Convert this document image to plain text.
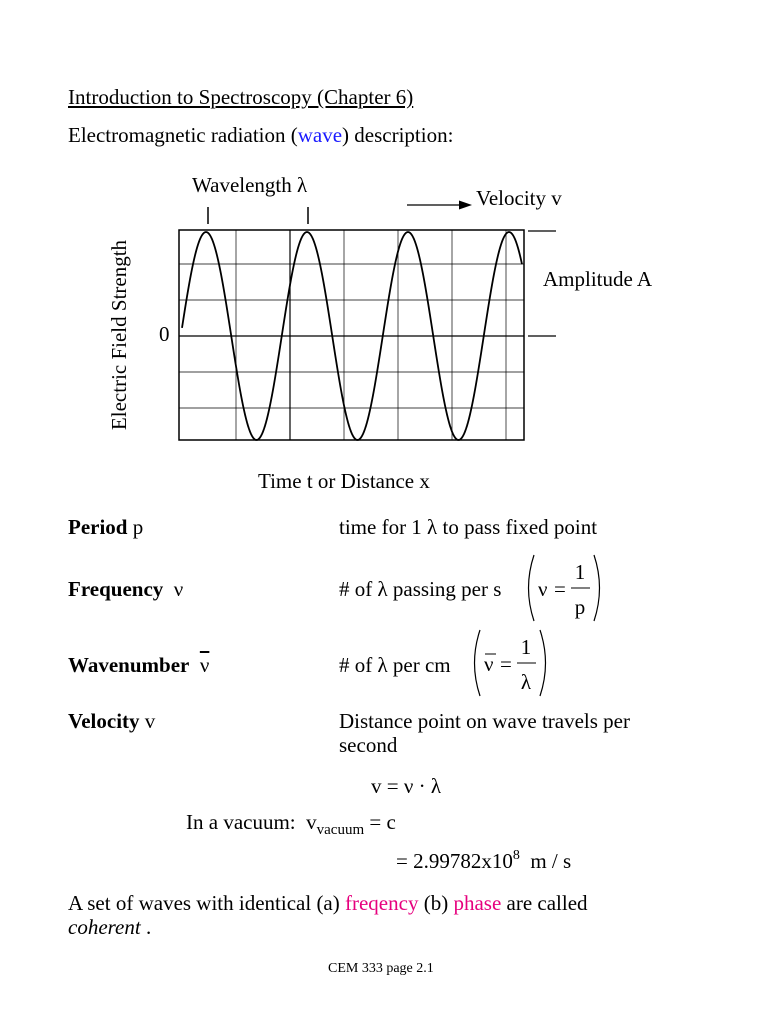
Introduction to Spectroscopy (Chapter 6)
Electromagnetic radiation (wave) description:
Electric Field Strength
Wavelength λ
Velocity v
Amplitude A
0
Time t or Distance x
Period p	time for 1 λ to pass fixed point
Frequency ν	# of λ passing per s ν =
1
p
Wavenumber $\overline{\nu}$	# of λ per cm ν =
1
λ
Velocity v	Distance point on wave travels per
second
v = ν · λ
In a vacuum: $v_{vacuum} = c$
= $2.99782x10^8$ m / s
A set of waves with identical (a) freqency (b) phase are called
coherent .
CEM 333 page 2.1
